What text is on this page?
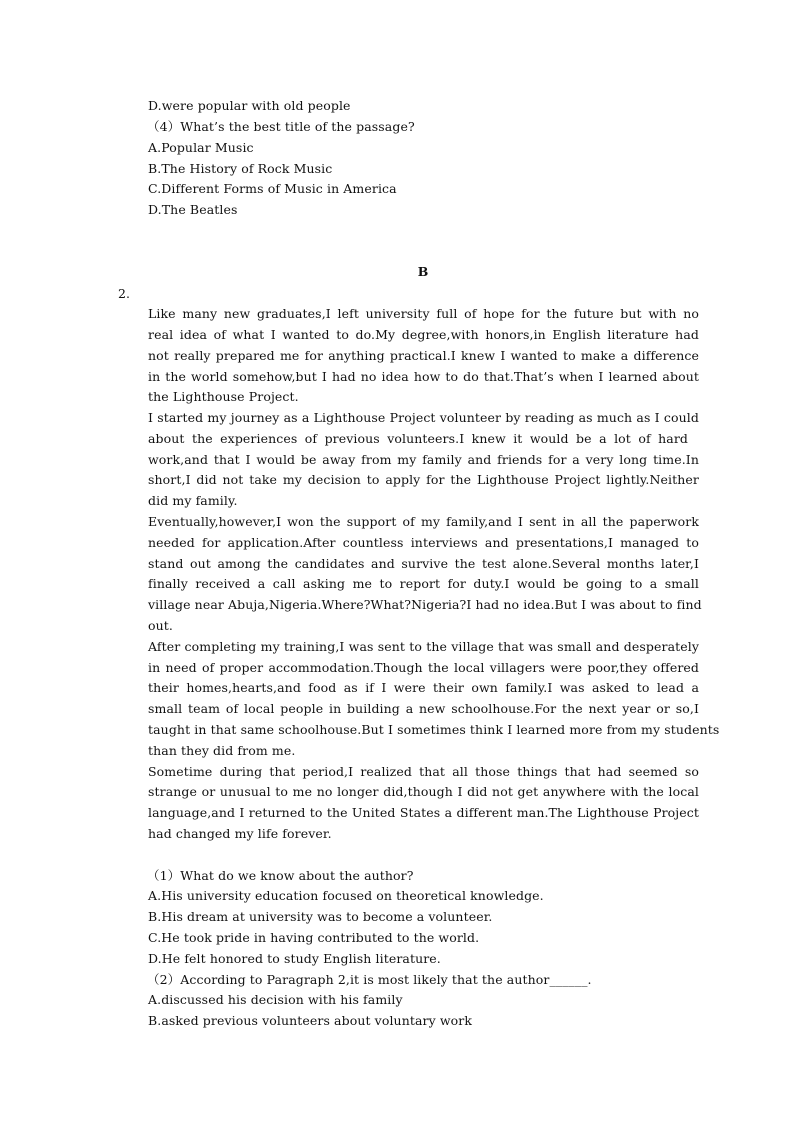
D.were popular with old people
（4）What’s the best title of the passage?
A.Popular Music
B.The History of Rock Music
C.Different Forms of Music in America
D.The Beatles
B
2.
Like many new graduates,I left university full of hope for the future but with no
real idea of what I wanted to do.My degree,with honors,in English literature had
not really prepared me for anything practical.I knew I wanted to make a difference
in the world somehow,but I had no idea how to do that.That’s when I learned about
the Lighthouse Project.
I started my journey as a Lighthouse Project volunteer by reading as much as I could
about the experiences of previous volunteers.I knew it would be a lot of hard
work,and that I would be away from my family and friends for a very long time.In
short,I did not take my decision to apply for the Lighthouse Project lightly.Neither
did my family.
Eventually,however,I won the support of my family,and I sent in all the paperwork
needed for application.After countless interviews and presentations,I managed to
stand out among the candidates and survive the test alone.Several months later,I
finally received a call asking me to report for duty.I would be going to a small
village near Abuja,Nigeria.Where?What?Nigeria?I had no idea.But I was about to find
out.
After completing my training,I was sent to the village that was small and desperately
in need of proper accommodation.Though the local villagers were poor,they offered
their homes,hearts,and food as if I were their own family.I was asked to lead a
small team of local people in building a new schoolhouse.For the next year or so,I
taught in that same schoolhouse.But I sometimes think I learned more from my students
than they did from me.
Sometime during that period,I realized that all those things that had seemed so
strange or unusual to me no longer did,though I did not get anywhere with the local
language,and I returned to the United States a different man.The Lighthouse Project
had changed my life forever.
（1）What do we know about the author?
A.His university education focused on theoretical knowledge.
B.His dream at university was to become a volunteer.
C.He took pride in having contributed to the world.
D.He felt honored to study English literature.
（2）According to Paragraph 2,it is most likely that the author______.
A.discussed his decision with his family
B.asked previous volunteers about voluntary work
